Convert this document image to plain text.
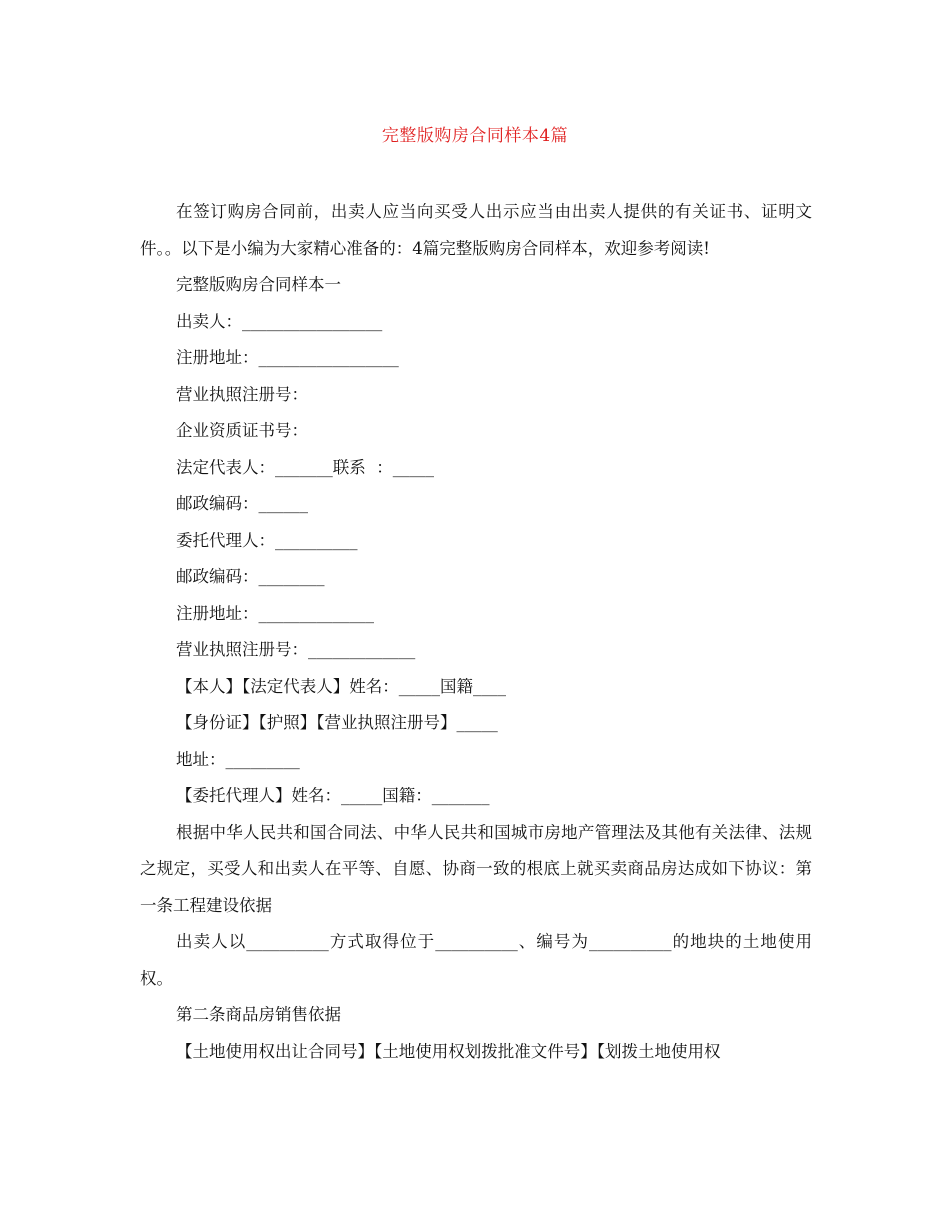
完整版购房合同样本4篇

在签订购房合同前，出卖人应当向买受人出示应当由出卖人提供的有关证书、证明文件。。以下是小编为大家精心准备的：4篇完整版购房合同样本，欢迎参考阅读!

完整版购房合同样本一

出卖人：_________________

注册地址：_________________

营业执照注册号：

企业资质证书号：

法定代表人：_______联系  ：_____

邮政编码：______

委托代理人：__________

邮政编码：________

注册地址：______________

营业执照注册号：_____________

【本人】【法定代表人】姓名：_____国籍____

【身份证】【护照】【营业执照注册号】_____

地址：_________

【委托代理人】姓名：_____国籍：_______

根据中华人民共和国合同法、中华人民共和国城市房地产管理法及其他有关法律、法规之规定，买受人和出卖人在平等、自愿、协商一致的根底上就买卖商品房达成如下协议：第一条工程建设依据

出卖人以__________方式取得位于__________、编号为__________的地块的土地使用权。

第二条商品房销售依据

【土地使用权出让合同号】【土地使用权划拨批准文件号】【划拨土地使用权
